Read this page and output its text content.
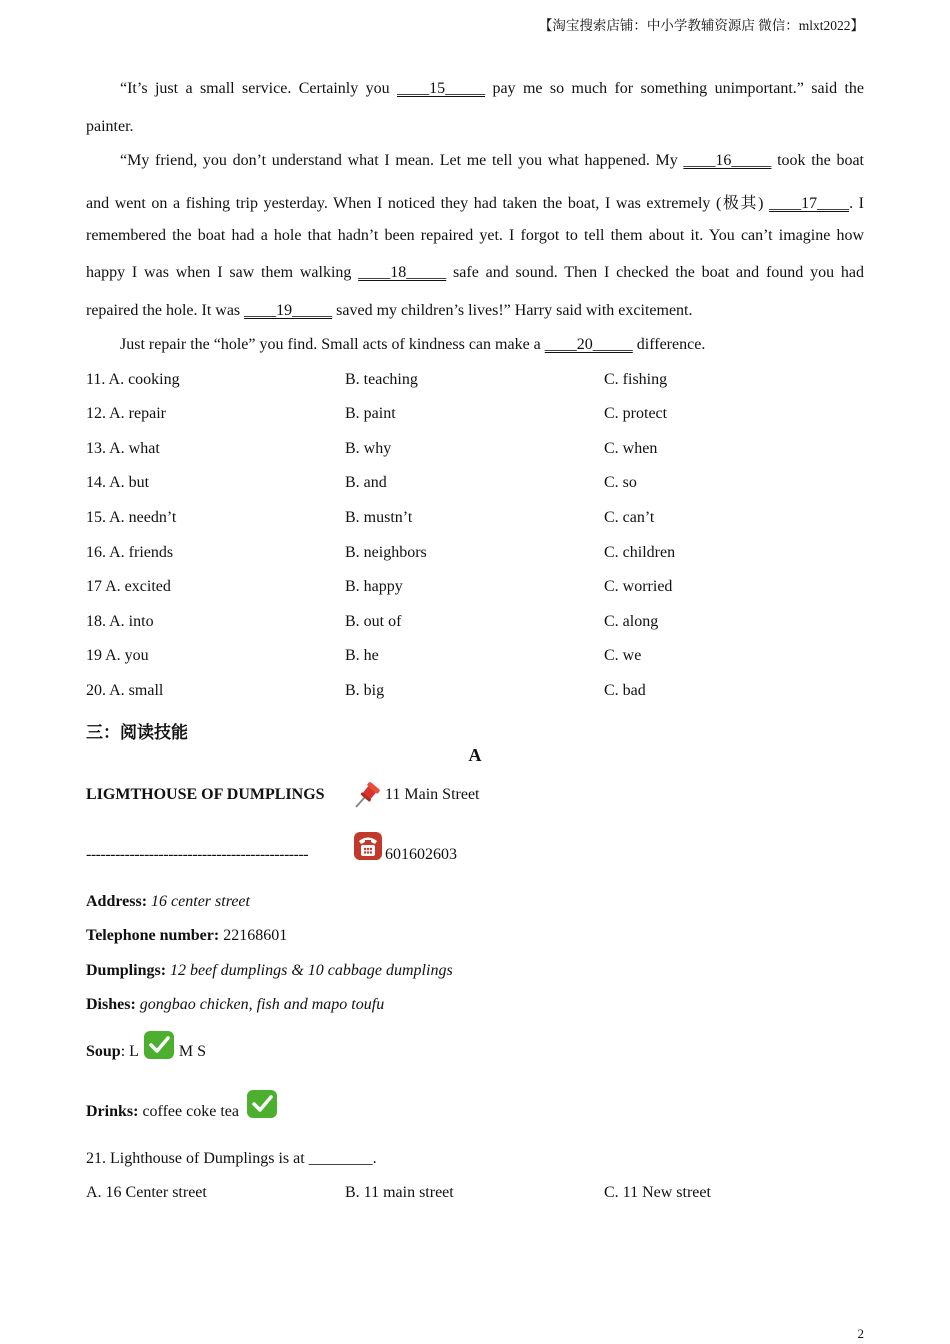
【淘宝搜索店铺：中小学教辅资源店 微信：mlxt2022】
“It’s just a small service. Certainly you ____15_____ pay me so much for something unimportant.” said the
painter.
“My friend, you don’t understand what I mean. Let me tell you what happened. My ____16_____ took the boat
and went on a fishing trip yesterday. When I noticed they had taken the boat, I was extremely (极其) ____17____. I
remembered the boat had a hole that hadn’t been repaired yet. I forgot to tell them about it. You can’t imagine how
happy I was when I saw them walking ____18_____ safe and sound. Then I checked the boat and found you had
repaired the hole. It was ____19_____ saved my children’s lives!” Harry said with excitement.
Just repair the “hole” you find. Small acts of kindness can make a ____20_____ difference.
11. A. cooking	B. teaching	C. fishing
12. A. repair	B. paint	C. protect
13. A. what	B. why	C. when
14. A. but	B. and	C. so
15. A. needn’t	B. mustn’t	C. can’t
16. A. friends	B. neighbors	C. children
17 A. excited	B. happy	C. worried
18. A. into	B. out of	C. along
19 A. you	B. he	C. we
20. A. small	B. big	C. bad
三：阅读技能
A
LIGMTHOUSE OF DUMPLINGS	11 Main Street
----------------------------------------------	601602603
Address: 16 center street
Telephone number: 22168601
Dumplings: 12 beef dumplings & 10 cabbage dumplings
Dishes: gongbao chicken, fish and mapo toufu
Soup: L M S
Drinks: coffee coke tea
21. Lighthouse of Dumplings is at ________.
A. 16 Center street	B. 11 main street	C. 11 New street
2
